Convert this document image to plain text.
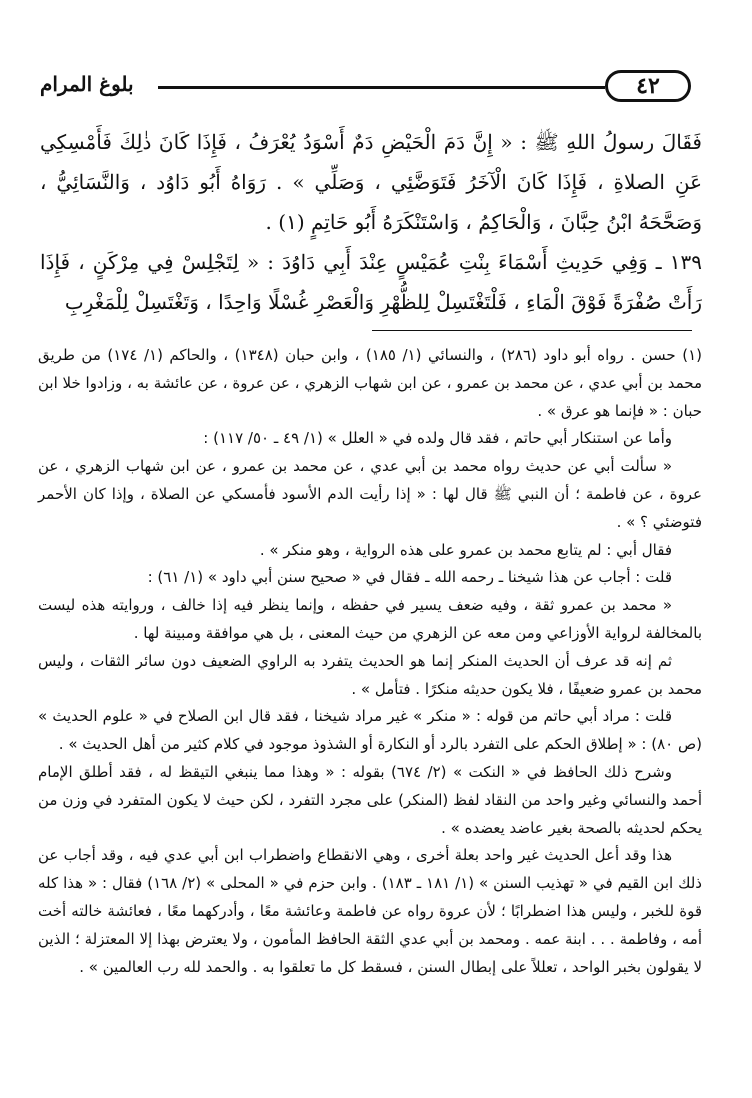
٤٢
بلوغ المرام

فَقَالَ رسولُ اللهِ ﷺ : « إِنَّ دَمَ الْحَيْضِ دَمٌ أَسْوَدُ يُعْرَفُ ، فَإِذَا كَانَ ذٰلِكَ فَأَمْسِكِي عَنِ الصلاةِ ، فَإِذَا كَانَ الْآخَرُ فَتَوَضَّئِي ، وَصَلِّي » . رَوَاهُ أَبُو دَاوُد ، وَالنَّسَائِيُّ ، وَصَحَّحَهُ ابْنُ حِبَّانَ ، وَالْحَاكِمُ ، وَاسْتَنْكَرَهُ أَبُو حَاتِمٍ (١) .

١٣٩ ـ وَفِي حَدِيثِ أَسْمَاءَ بِنْتِ عُمَيْسٍ عِنْدَ أَبِي دَاوُدَ : « لِتَجْلِسْ فِي مِرْكَنٍ ، فَإِذَا رَأَتْ صُفْرَةً فَوْقَ الْمَاءِ ، فَلْتَغْتَسِلْ لِلظُّهْرِ وَالْعَصْرِ غُسْلًا وَاحِدًا ، وَتَغْتَسِلْ لِلْمَغْرِبِ

(١) حسن . رواه أبو داود (٢٨٦) ، والنسائي (١/ ١٨٥) ، وابن حبان (١٣٤٨) ، والحاكم (١/ ١٧٤) من طريق محمد بن أبي عدي ، عن محمد بن عمرو ، عن ابن شهاب الزهري ، عن عروة ، عن عائشة به ، وزادوا خلا ابن حبان : « فإنما هو عرق » .

وأما عن استنكار أبي حاتم ، فقد قال ولده في « العلل » (١/ ٤٩ ـ ٥٠/ ١١٧) :

« سألت أبي عن حديث رواه محمد بن أبي عدي ، عن محمد بن عمرو ، عن ابن شهاب الزهري ، عن عروة ، عن فاطمة ؛ أن النبي ﷺ قال لها : « إذا رأيت الدم الأسود فأمسكي عن الصلاة ، وإذا كان الأحمر فتوضئي ؟ » .

فقال أبي : لم يتابع محمد بن عمرو على هذه الرواية ، وهو منكر » .

قلت : أجاب عن هذا شيخنا ـ رحمه الله ـ فقال في « صحيح سنن أبي داود » (١/ ٦١) :

« محمد بن عمرو ثقة ، وفيه ضعف يسير في حفظه ، وإنما ينظر فيه إذا خالف ، وروايته هذه ليست بالمخالفة لرواية الأوزاعي ومن معه عن الزهري من حيث المعنى ، بل هي موافقة ومبينة لها .

ثم إنه قد عرف أن الحديث المنكر إنما هو الحديث يتفرد به الراوي الضعيف دون سائر الثقات ، وليس محمد بن عمرو ضعيفًا ، فلا يكون حديثه منكرًا . فتأمل » .

قلت : مراد أبي حاتم من قوله : « منكر » غير مراد شيخنا ، فقد قال ابن الصلاح في « علوم الحديث » (ص ٨٠) : « إطلاق الحكم على التفرد بالرد أو النكارة أو الشذوذ موجود في كلام كثير من أهل الحديث » .

وشرح ذلك الحافظ في « النكت » (٢/ ٦٧٤) بقوله : « وهذا مما ينبغي التيقظ له ، فقد أطلق الإمام أحمد والنسائي وغير واحد من النقاد لفظ (المنكر) على مجرد التفرد ، لكن حيث لا يكون المتفرد في وزن من يحكم لحديثه بالصحة بغير عاضد يعضده » .

هذا وقد أعل الحديث غير واحد بعلة أخرى ، وهي الانقطاع واضطراب ابن أبي عدي فيه ، وقد أجاب عن ذلك ابن القيم في « تهذيب السنن » (١/ ١٨١ ـ ١٨٣) . وابن حزم في « المحلى » (٢/ ١٦٨) فقال : « هذا كله قوة للخبر ، وليس هذا اضطرابًا ؛ لأن عروة رواه عن فاطمة وعائشة معًا ، وأدركهما معًا ، فعائشة خالته أخت أمه ، وفاطمة . . . ابنة عمه . ومحمد بن أبي عدي الثقة الحافظ المأمون ، ولا يعترض بهذا إلا المعتزلة ؛ الذين لا يقولون بخبر الواحد ، تعللاً على إبطال السنن ، فسقط كل ما تعلقوا به . والحمد لله رب العالمين » .
